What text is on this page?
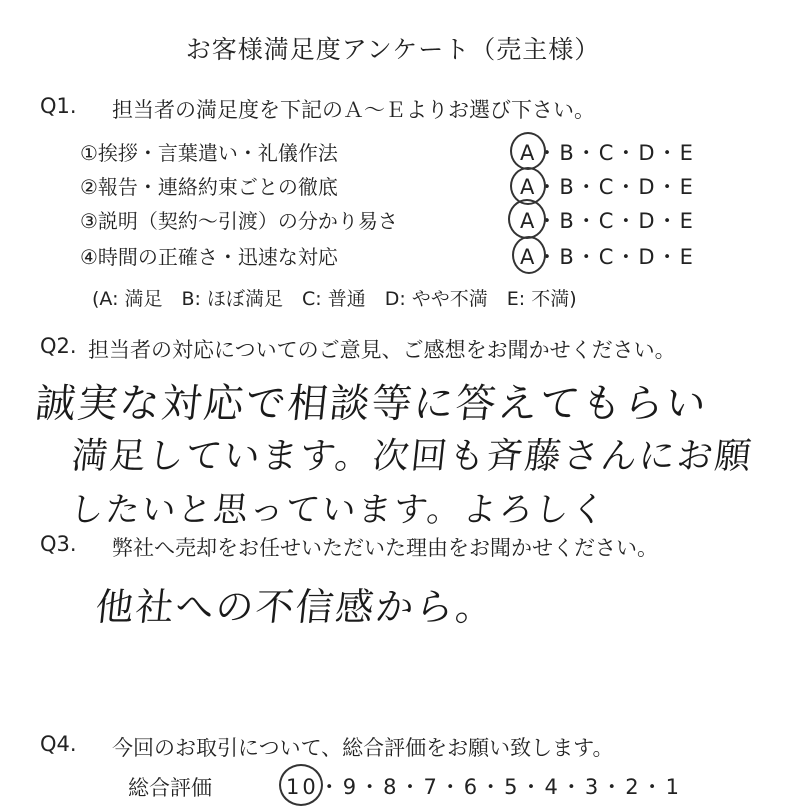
お客様満足度アンケート（売主様）
Q1. 担当者の満足度を下記のＡ～Ｅよりお選び下さい。
①挨拶・言葉遣い・礼儀作法	A・B・C・D・E
②報告・連絡約束ごとの徹底	A・B・C・D・E
③説明（契約～引渡）の分かり易さ	A・B・C・D・E
④時間の正確さ・迅速な対応	A・B・C・D・E
(A: 満足　B: ほぼ満足　C: 普通　D: やや不満　E: 不満)
Q2. 担当者の対応についてのご意見、ご感想をお聞かせください。
誠実な対応で相談等に答えてもらい
満足しています。次回も斉藤さんにお願
したいと思っています。よろしく
Q3. 弊社へ売却をお任せいただいた理由をお聞かせください。
他社への不信感から。
Q4. 今回のお取引について、総合評価をお願い致します。
総合評価	10・9・8・7・6・5・4・3・2・1
